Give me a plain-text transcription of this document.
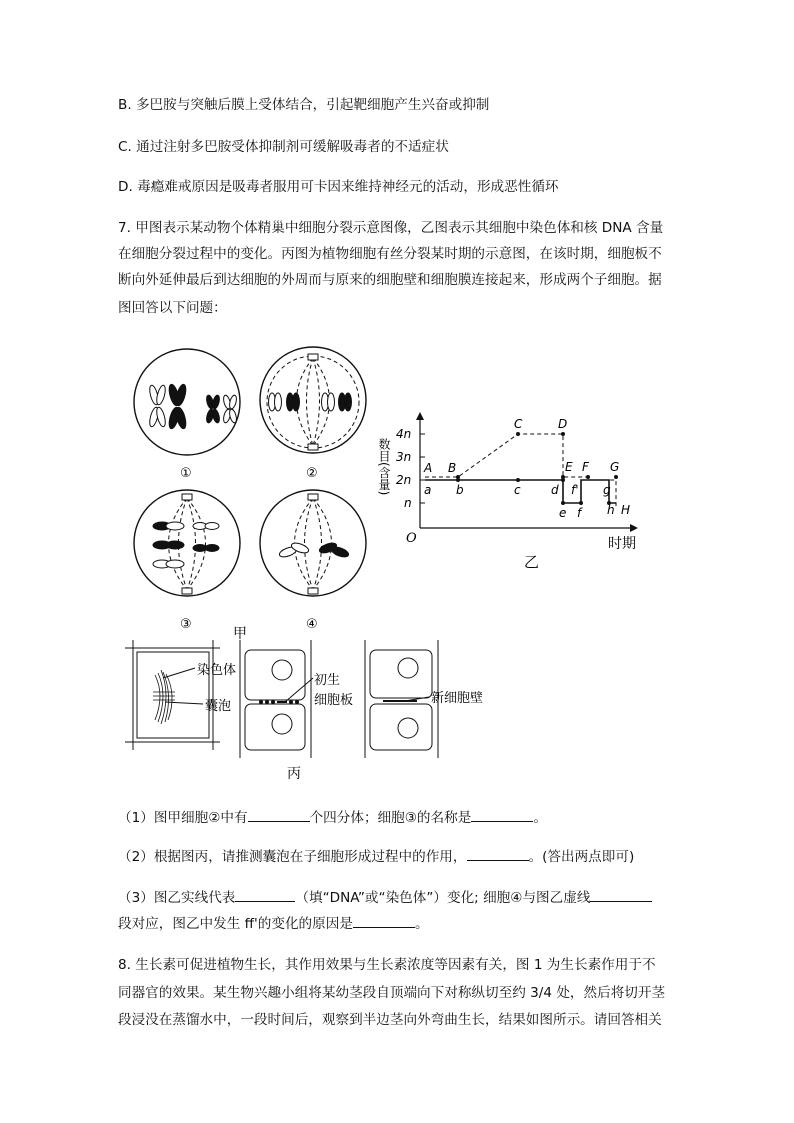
B. 多巴胺与突触后膜上受体结合，引起靶细胞产生兴奋或抑制
C. 通过注射多巴胺受体抑制剂可缓解吸毒者的不适症状
D. 毒瘾难戒原因是吸毒者服用可卡因来维持神经元的活动，形成恶性循环
7. 甲图表示某动物个体精巢中细胞分裂示意图像，乙图表示其细胞中染色体和核 DNA 含量
在细胞分裂过程中的变化。丙图为植物细胞有丝分裂某时期的示意图，在该时期，细胞板不
断向外延伸最后到达细胞的外周而与原来的细胞壁和细胞膜连接起来，形成两个子细胞。据
图回答以下问题：
①	②
③	④
甲
数目(含量)
时期
O
4n
3n
2n
n
A B
C	D
E F G
H
a b	c	d
e
f'
f
g
h
乙
染色体
囊泡
初生
细胞板	新细胞壁
丙
（1）图甲细胞②中有	个四分体；细胞③的名称是	。
（2）根据图丙，请推测囊泡在子细胞形成过程中的作用，	。(答出两点即可)
（3）图乙实线代表	（填“DNA”或“染色体”）变化; 细胞④与图乙虚线
段对应，图乙中发生 ff'的变化的原因是	。
8. 生长素可促进植物生长，其作用效果与生长素浓度等因素有关，图 1 为生长素作用于不
同器官的效果。某生物兴趣小组将某幼茎段自顶端向下对称纵切至约 3/4 处，然后将切开茎
段浸没在蒸馏水中，一段时间后，观察到半边茎向外弯曲生长，结果如图所示。请回答相关
